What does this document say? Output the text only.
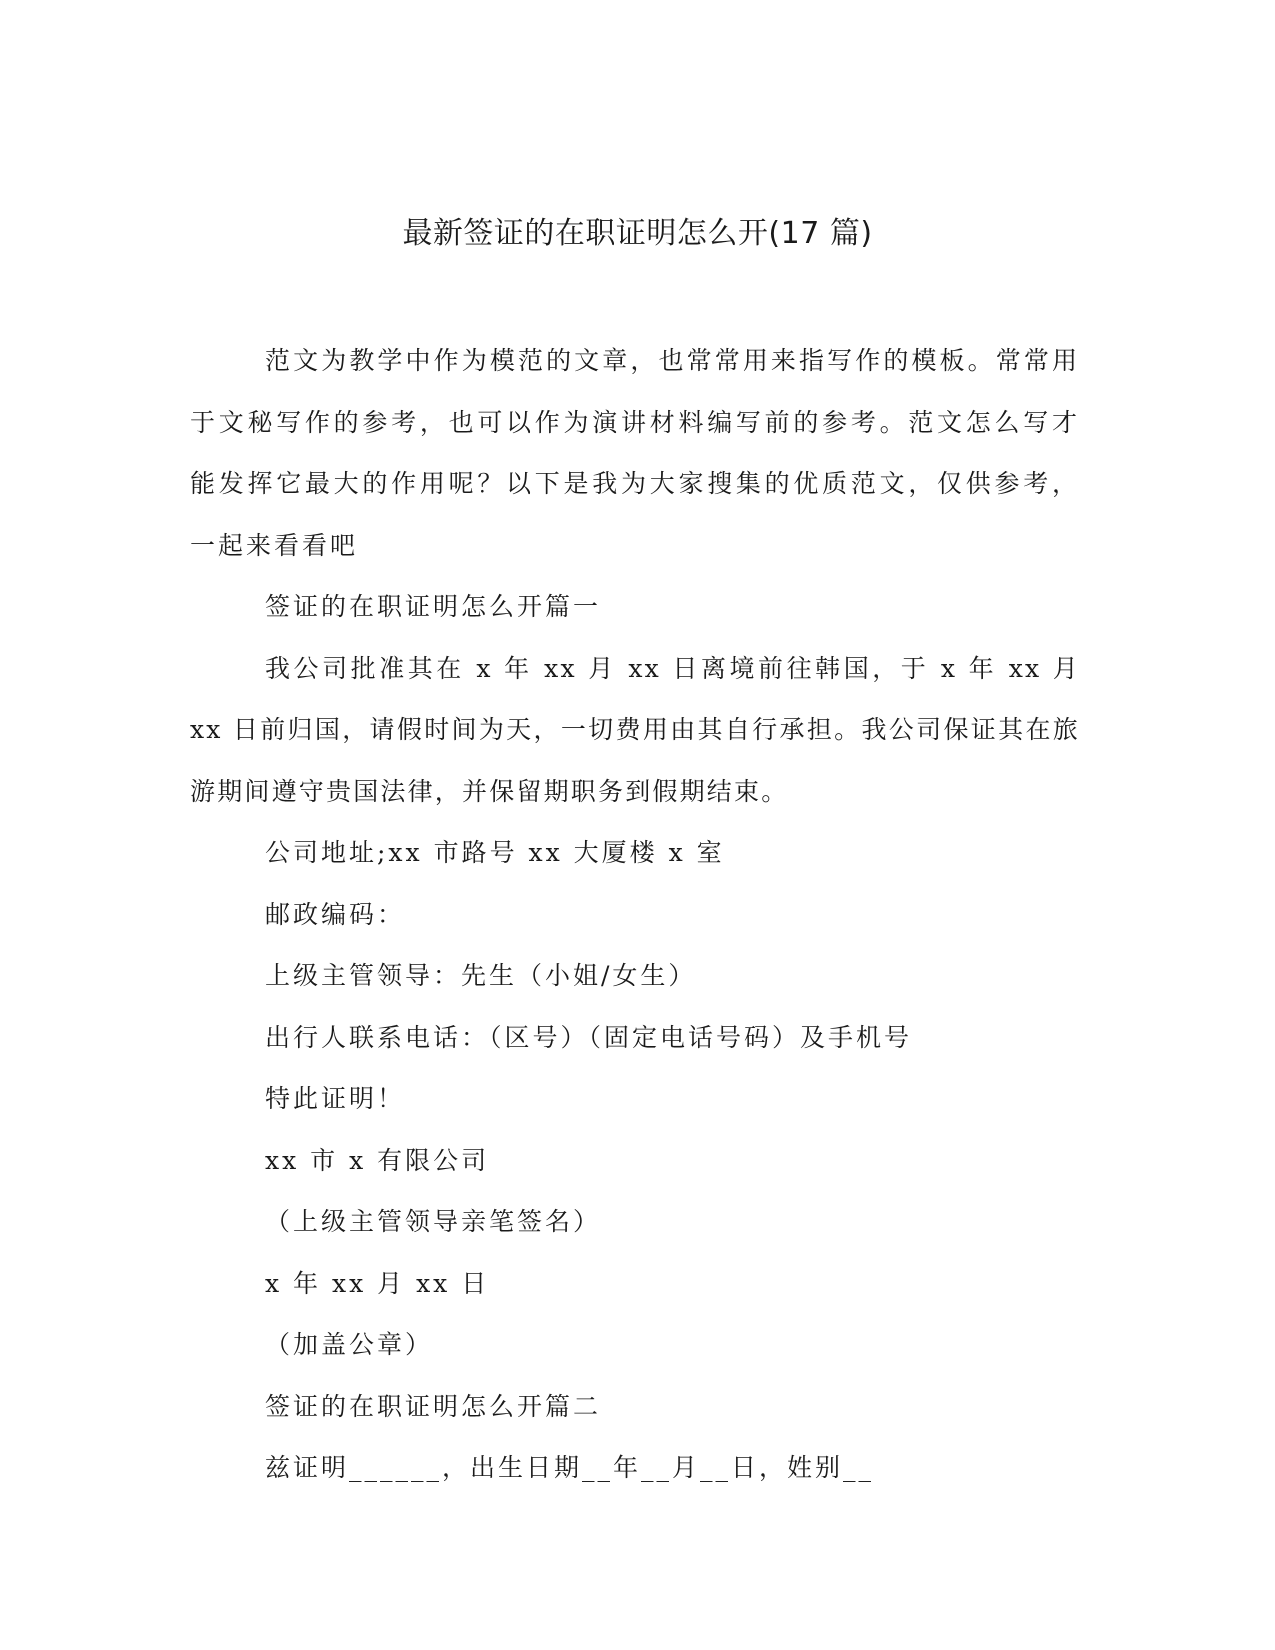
最新签证的在职证明怎么开(17 篇)

范文为教学中作为模范的文章，也常常用来指写作的模板。常常用于文秘写作的参考，也可以作为演讲材料编写前的参考。范文怎么写才能发挥它最大的作用呢？以下是我为大家搜集的优质范文，仅供参考，一起来看看吧

签证的在职证明怎么开篇一

我公司批准其在 x 年 xx 月 xx 日离境前往韩国，于 x 年 xx 月 xx 日前归国，请假时间为天，一切费用由其自行承担。我公司保证其在旅游期间遵守贵国法律，并保留期职务到假期结束。

公司地址;xx 市路号 xx 大厦楼 x 室

邮政编码：

上级主管领导：先生（小姐/女生）

出行人联系电话：（区号）（固定电话号码）及手机号

特此证明！

xx 市 x 有限公司

（上级主管领导亲笔签名）

x 年 xx 月 xx 日

（加盖公章）

签证的在职证明怎么开篇二

兹证明______，出生日期__年__月__日，姓别__
